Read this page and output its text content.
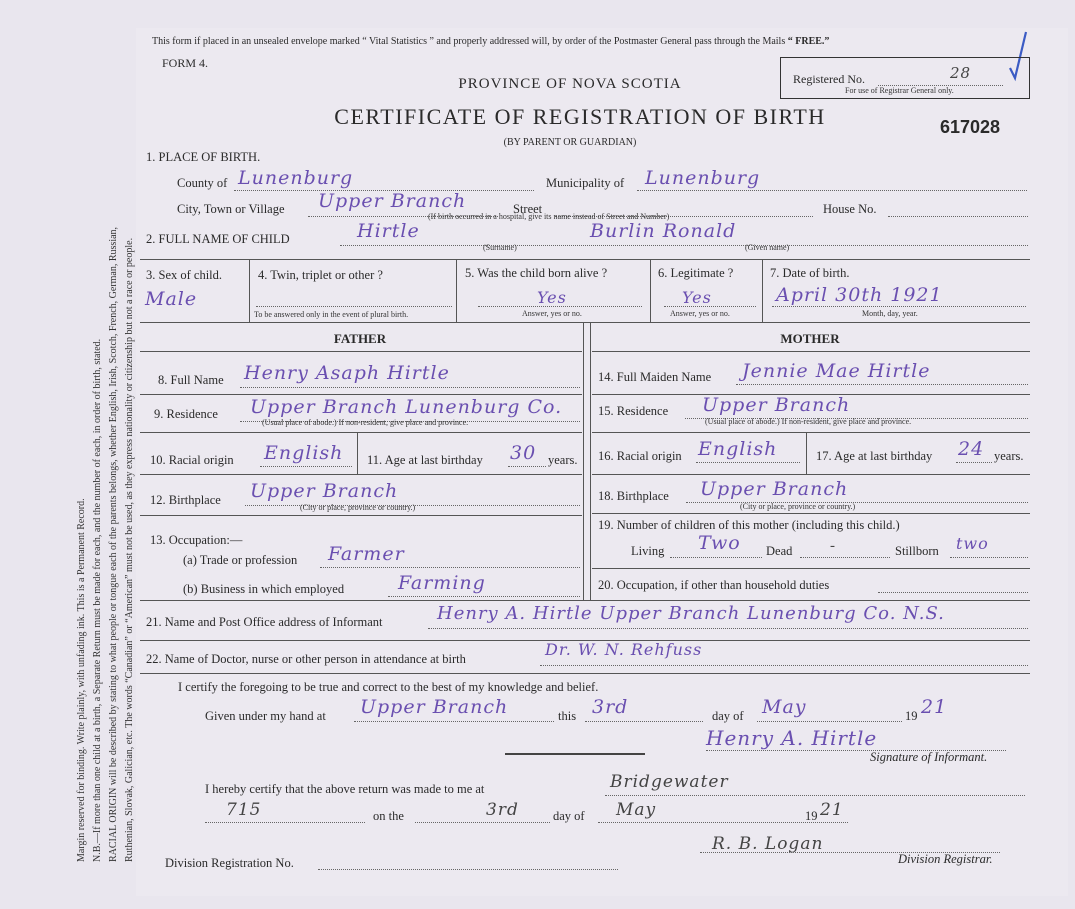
Margin reserved for binding. Write plainly, with unfading ink. This is a Permanent Record. N.B.—If more than one child at a birth, a Separate Return must be made for each, and the number of each, in order of birth, stated. RACIAL ORIGIN will be described by stating to what people or tongue each of the parents belongs, whether English, Irish, Scotch, French, German, Russian, Ruthenian, Slovak, Galician, etc. The words “Canadian” or “American” must not be used, as they express nationality or citizenship but not a race or people.
This form if placed in an unsealed envelope marked “ Vital Statistics ” and properly addressed will, by order of the Postmaster General pass through the Mails “ FREE.”
FORM 4.
Registered No.	28
For use of Registrar General only.
PROVINCE OF NOVA SCOTIA
CERTIFICATE OF REGISTRATION OF BIRTH
(BY PARENT OR GUARDIAN)
617028
1. PLACE OF BIRTH.
County of Lunenburg	Municipality of Lunenburg
City, Town or Village Upper Branch	Street	House No.
(If birth occurred in a hospital, give its name instead of Street and Number)
2. FULL NAME OF CHILD	Hirtle
(Surname)
Burlin Ronald
(Given name)
3. Sex of child.
Male
4. Twin, triplet or other ?
To be answered only in the event of plural birth.
5. Was the child born alive ?
Yes
Answer, yes or no.
6. Legitimate ?
Yes
Answer, yes or no.
7. Date of birth.
April 30th 1921
Month, day, year.
FATHER	MOTHER
8. Full Name Henry Asaph Hirtle
9. Residence Upper Branch Lunenburg Co.
(Usual place of abode.) If non-resident, give place and province.
10. Racial origin English 11. Age at last birthday 30 years.
12. Birthplace Upper Branch
(City or place, province or country.)
13. Occupation:—
(a) Trade or profession Farmer
(b) Business in which employed	Farming
14. Full Maiden Name Jennie Mae Hirtle
15. Residence Upper Branch
(Usual place of abode.) If non-resident, give place and province.
16. Racial origin English	17. Age at last birthday 24 years.
18. Birthplace Upper Branch
(City or place, province or country.)
19. Number of children of this mother (including this child.)
Living Two Dead	-	Stillborn two
20. Occupation, if other than household duties
21. Name and Post Office address of Informant	Henry A. Hirtle Upper Branch Lunenburg Co. N.S.
22. Name of Doctor, nurse or other person in attendance at birth	Dr. W. N. Rehfuss
I certify the foregoing to be true and correct to the best of my knowledge and belief.
Given under my hand at Upper Branch	this 3rd	day of May	19 21
Henry A. Hirtle
Signature of Informant.
I hereby certify that the above return was made to me at	Bridgewater
715	on the	3rd	day of May	19 21
Division Registration No.
R. B. Logan
Division Registrar.
